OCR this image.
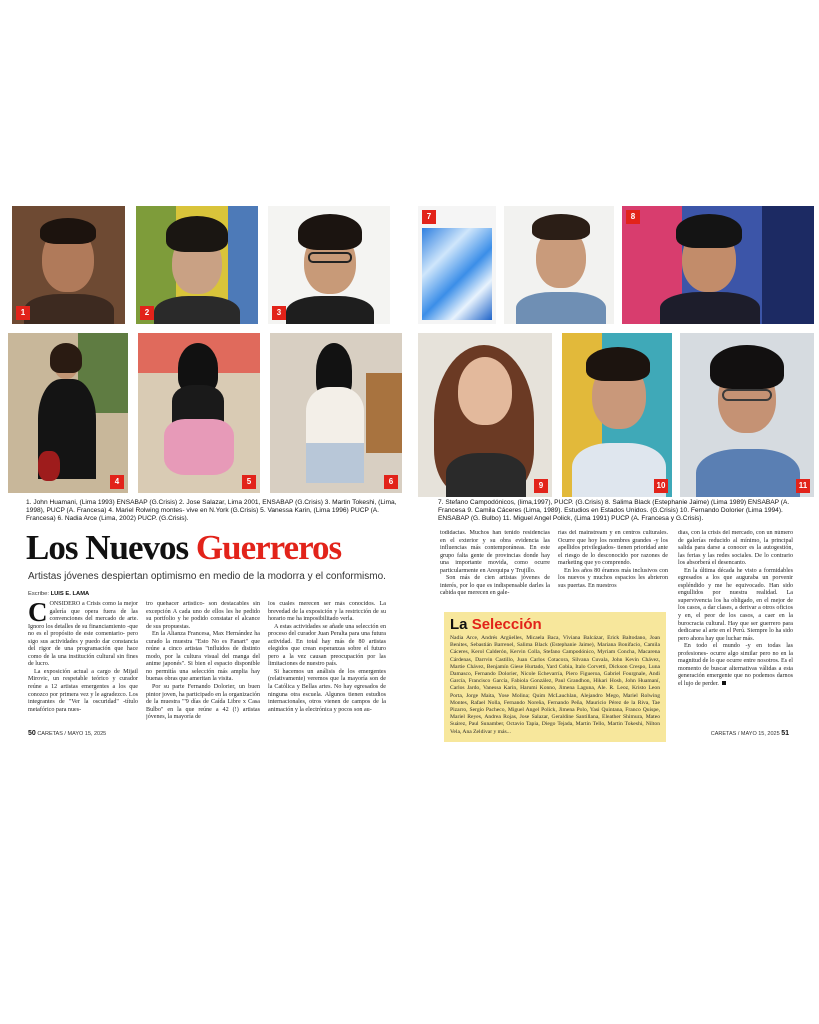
1	2	3
7	8
4	5	6	9	10	11
1. John Huamani, (Lima 1993) ENSABAP (G.Crisis) 2. Jose Salazar, Lima 2001, ENSABAP (G.Crisis) 3. Martin Tokeshi, (Lima, 1998), PUCP (A. Francesa) 4. Mariel Rolwing montes- vive en N.York (G.Crisis) 5. Vanessa Karin, (Lima 1996) PUCP (A. Francesa) 6. Nadia Arce (Lima, 2002) PUCP. (G.Crisis).
7. Stefano Campodónicos, (lima,1997), PUCP. (G.Crisis) 8. Salima Black (Estephanie Jaime) (Lima 1989) ENSABAP (A. Francesa 9. Camila Cáceres (Lima, 1989). Estudios en Estados Unidos. (G.Crisis) 10. Fernando Dolorier (Lima 1994). ENSABAP (G. Bulbo) 11. Miguel Angel Polick, (Lima 1991) PUCP (A. Francesa y G.Crisis).
Los Nuevos Guerreros
Artistas jóvenes despiertan optimismo en medio de la modorra y el conformismo.
Escribe: LUIS E. LAMA

CONSIDERO a Crisis como la mejor galería que opera fuera de las convenciones del mercado de arte. Ignoro los detalles de su financiamiento -que no es el propósito de este comentario- pero sigo sus actividades y puedo dar constancia del rigor de una programación que hace como de la una institución cultural sin fines de lucro.

La exposición actual a cargo de Mijail Mirovic, un respetable teórico y curador reúne a 12 artistas emergentes a los que conozco por primera vez y le agradezco. Los integrantes de "Ver la oscuridad" -título metafórico para nues-

tro quehacer artístico- son destacables sin excepción A cada uno de ellos les he pedido su portfolio y he podido constatar el alcance de sus propuestas.

En la Alianza Francesa, Max Hernández ha curado la muestra "Esto No es Fanart" que reúne a cinco artistas "influidos de distinto modo, por la cultura visual del manga del anime japonés". Si bien el espacio disponible no permitía una selección más amplia hay buenas obras que ameritan la visita.

Por su parte Fernando Dolorier, un buen pintor joven, ha participado en la organización de la muestra "'9 días de Caída Libre x Casa Bulbo" en la que reúne a 42 (!) artistas jóvenes, la mayoría de

los cuales merecen ser más conocidos. La brevedad de la exposición y la restricción de su horario me ha imposibilitado verla.

A estas actividades se añade una selección en proceso del curador Juan Peralta para una futura actividad. En total hay más de 80 artistas elegidos que crean esperanzas sobre el futuro pero a la vez causan preocupación por las limitaciones de nuestro país.

Si hacemos un análisis de los emergentes (relativamente) veremos que la mayoría son de la Católica y Bellas artes. No hay egresados de ninguna otra escuela. Algunos tienen estudios internacionales, otros vienen de campos de la animación y la electrónica y pocos son au-

todidactas. Muchos han tenido residencias en el exterior y su obra evidencia las influencias más contemporáneas. En este grupo falta gente de provincias donde hay una importante movida, como ocurre particularmente en Arequipa y Trujillo.

Son más de cien artistas jóvenes de interés, por lo que es indispensable darles la cabida que merecen en gale-

rías del mainstream y en centros culturales. Ocurre que hoy los nombres grandes -y los apellidos privilegiados- tienen prioridad ante el riesgo de lo desconocido por razones de marketing que yo comprendo.

En los años 80 éramos más inclusivos con los nuevos y muchos espacios les abrieron sus puertas. En nuestros

días, con la crisis del mercado, con un número de galerías reducido al mínimo, la principal salida para darse a conocer es la autogestión, las ferias y las redes sociales. De lo contrario los absorberá el desencanto.

En la última década he visto a formidables egresados a los que auguraba un porvenir espléndido y me he equivocado. Han sido engullidos por nuestra realidad. La supervivencia los ha obligado, en el mejor de los casos, a dar clases, a derivar a otros oficios y en, el peor de los casos, a caer en la burocracia cultural. Hay que ser guerrero para dedicarse al arte en el Perú. Siempre lo ha sido pero ahora hay que luchar más.

En todo el mundo -y en todas las profesiones- ocurre algo similar pero no en la magnitud de lo que ocurre entre nosotros. Es el momento de buscar alternativas válidas a esta generación emergente que no podemos darnos el lujo de perder.

La Selección
Nadia Arce, Andrés Argüelles, Micaela Baca, Viviana Balcázar, Erick Baltodano, Joan Benites, Sebastián Barrenel, Salima Black (Estephanie Jaime), Mariana Bonifacio, Camila Cáceres, Kerol Calderón, Kervin Colla, Stefano Campodónico, Myriam Concha, Macarena Cárdenas, Darrvin Castillo, Juan Carlos Cotacora, Silvana Cuvala, John Kevin Chávez, Martie Chávez, Benjamín Giese Hurtado, Yard Cobia, Italo Corvetti, Dickson Crespo, Luna Damasco, Fernando Dolorier, Nicole Echevarría, Piero Figueroa, Gabriel Fourgnale, Andi García, Francisco García, Fabiola González, Paul Grandhon, Hikari Hosh, John Huamaní, Carlos Jardo, Vanessa Karin, Harumi Konno, Jimena Laguna, Ale. R. Leoz, Kristo Leon Porta, Jorge Maita, Yose Molina; Quim McLauchlan, Alejandro Mego, Mariel Rolwing Montes, Rafael Nolla, Fernando Noreña, Fernando Peña, Mauricio Pérez de la Riva, Tae Pizarro, Sergio Pacheco, Miguel Angel Polick, Jimena Polo, Yasi Quintana, Franco Quispe, Mariel Reyes, Andrea Rojas, Jose Salazar, Geraldine Santillana, Eleather Shimura, Mateo Suárez, Paul Sunamber, Octavio Tapia, Diego Tejada, Martin Tello, Martin Tokeshi, Nilton Vela, Ana Zeldivar y más...
50 CARETAS / MAYO 15, 2025	CARETAS / MAYO 15, 2025 51
